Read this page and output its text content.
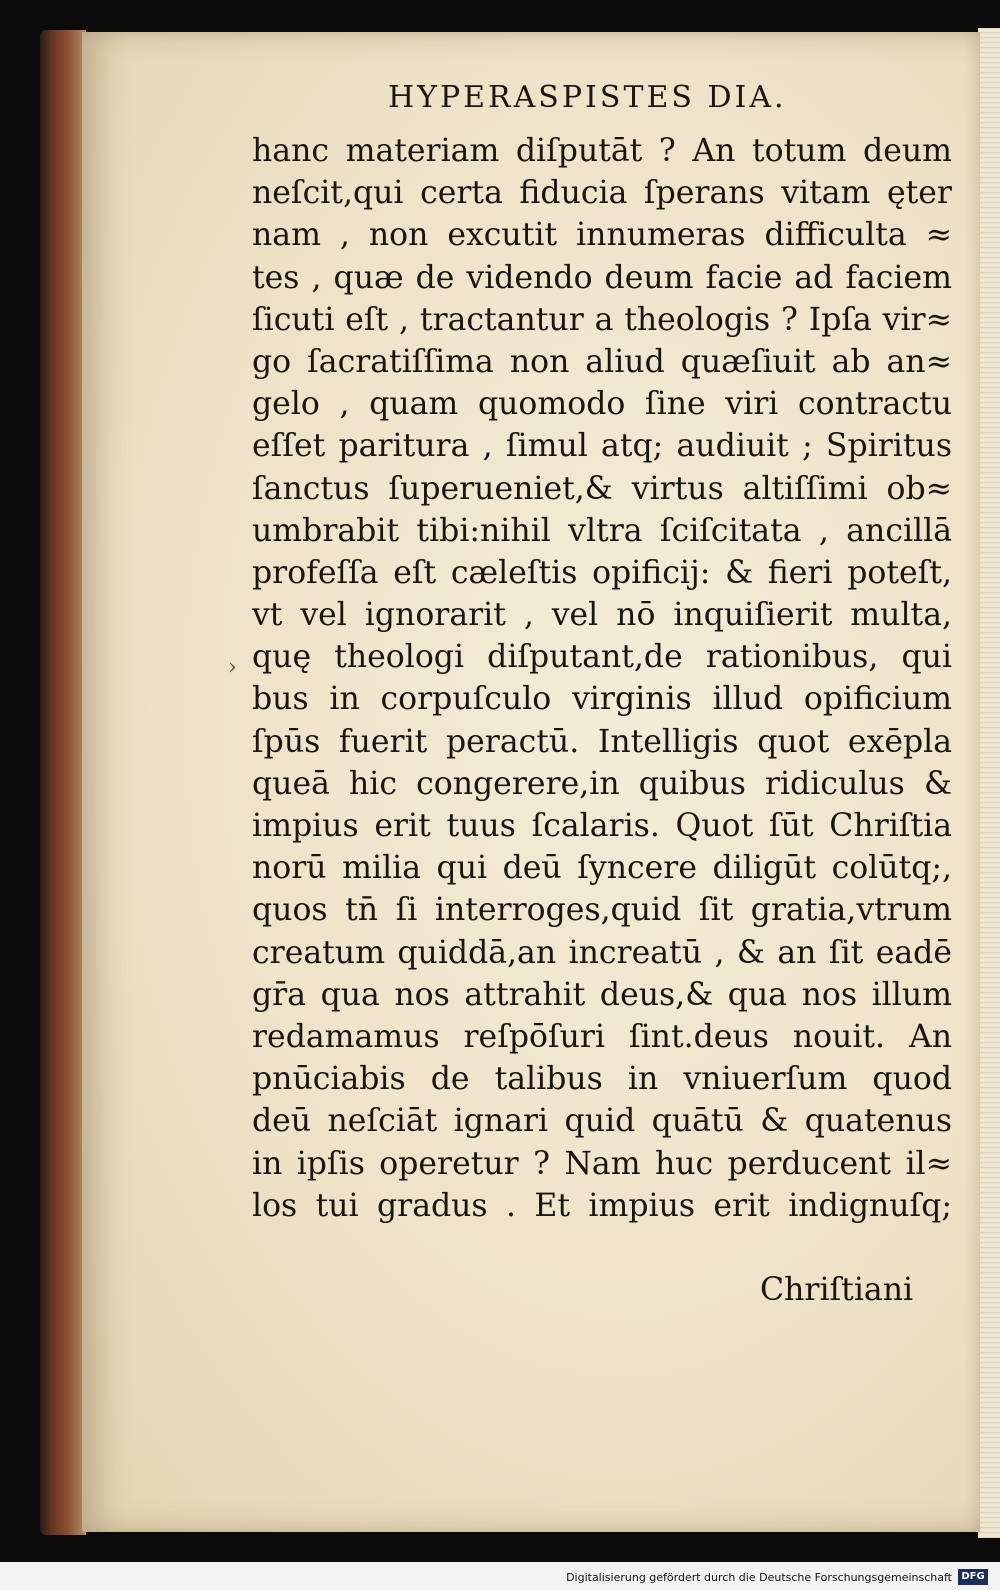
HYPERASPISTES DIA.
›
hanc materiam diſputāt ? An totum deum
neſcit,qui certa fiducia ſperans vitam ęter
nam , non excutit innumeras difficulta ≈
tes , quæ de videndo deum facie ad faciem
ſicuti eſt , tractantur a theologis ? Ipſa vir≈
go ſacratiſſima non aliud quæſiuit ab an≈
gelo , quam quomodo ſine viri contractu
eſſet paritura , ſimul atq; audiuit ; Spiritus
ſanctus ſuperueniet,& virtus altiſſimi ob≈
umbrabit tibi:nihil vltra ſciſcitata , ancillā
profeſſa eſt cæleſtis opificij: & fieri poteſt,
vt vel ignorarit , vel nō inquiſierit multa,
quę theologi diſputant,de rationibus, qui
bus in corpuſculo virginis illud opificium
ſpūs fuerit peractū. Intelligis quot exēpla
queā hic congerere,in quibus ridiculus &
impius erit tuus ſcalaris. Quot ſūt Chriſtia
norū milia qui deū ſyncere diligūt colūtq;,
quos tn̄ ſi interroges,quid ſit gratia,vtrum
creatum quiddā,an increatū , & an ſit eadē
gr̄a qua nos attrahit deus,& qua nos illum
redamamus reſpōſuri ſint.deus nouit. An
pnūciabis de talibus in vniuerſum quod
deū neſciāt ignari quid quātū & quatenus
in ipſis operetur ? Nam huc perducent il≈
los tui gradus . Et impius erit indignuſq;
Chriſtiani
Digitalisierung gefördert durch die Deutsche Forschungsgemeinschaft DFG
